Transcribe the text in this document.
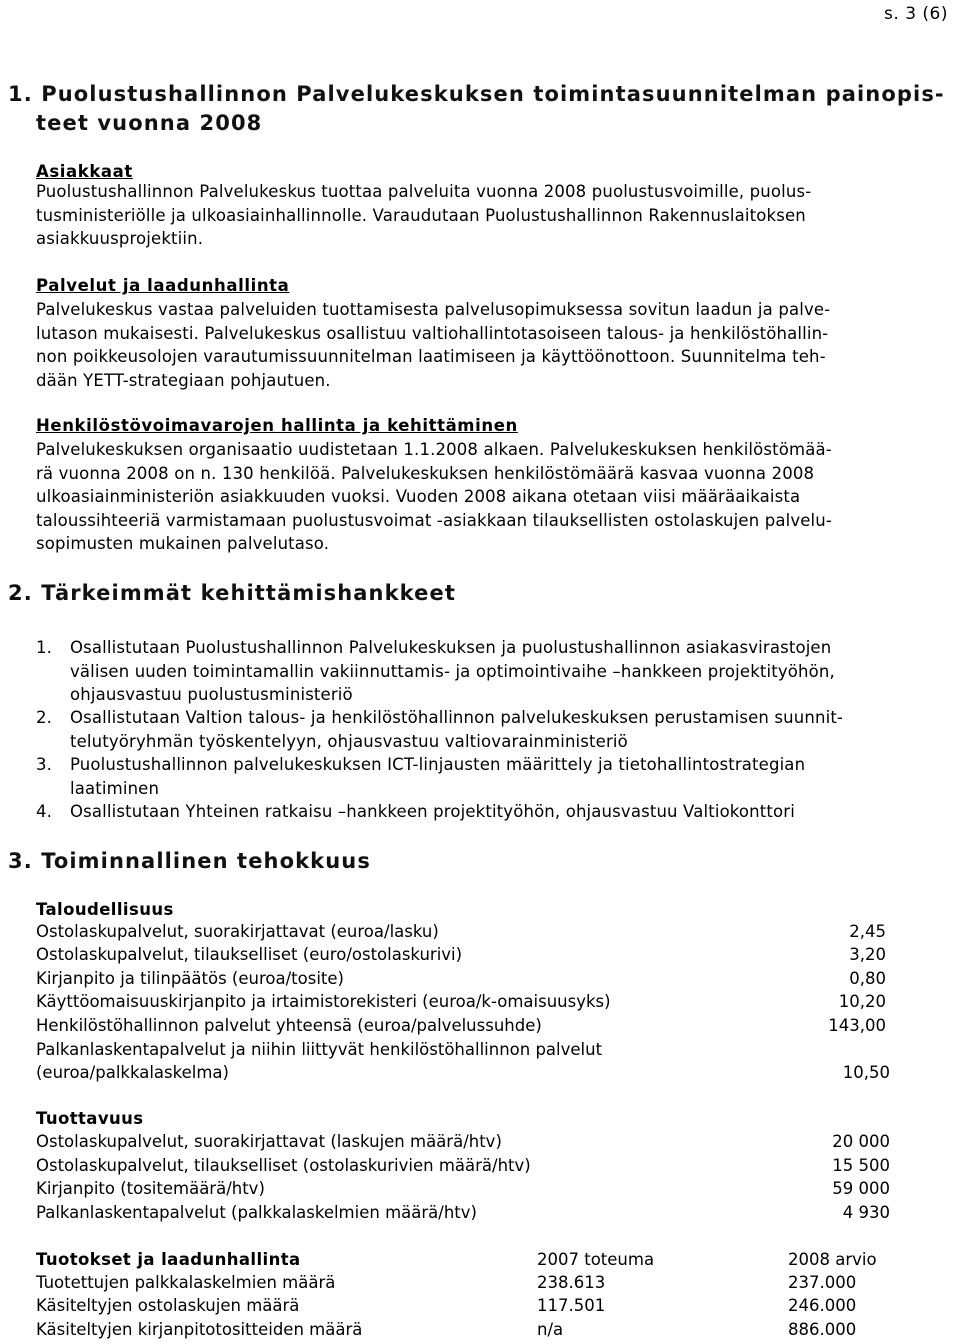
s. 3 (6)
1. Puolustushallinnon Palvelukeskuksen toimintasuunnitelman painopis-
teet vuonna 2008
Asiakkaat
Puolustushallinnon Palvelukeskus tuottaa palveluita vuonna 2008 puolustusvoimille, puolus-
tusministeriölle ja ulkoasiainhallinnolle. Varaudutaan Puolustushallinnon Rakennuslaitoksen
asiakkuusprojektiin.
Palvelut ja laadunhallinta
Palvelukeskus vastaa palveluiden tuottamisesta palvelusopimuksessa sovitun laadun ja palve-
lutason mukaisesti. Palvelukeskus osallistuu valtiohallintotasoiseen talous- ja henkilöstöhallin-
non poikkeusolojen varautumissuunnitelman laatimiseen ja käyttöönottoon. Suunnitelma teh-
dään YETT-strategiaan pohjautuen.
Henkilöstövoimavarojen hallinta ja kehittäminen
Palvelukeskuksen organisaatio uudistetaan 1.1.2008 alkaen. Palvelukeskuksen henkilöstömää-
rä vuonna 2008 on n. 130 henkilöä. Palvelukeskuksen henkilöstömäärä kasvaa vuonna 2008
ulkoasiainministeriön asiakkuuden vuoksi. Vuoden 2008 aikana otetaan viisi määräaikaista
taloussihteeriä varmistamaan puolustusvoimat -asiakkaan tilauksellisten ostolaskujen palvelu-
sopimusten mukainen palvelutaso.
2. Tärkeimmät kehittämishankkeet
1. Osallistutaan Puolustushallinnon Palvelukeskuksen ja puolustushallinnon asiakasvirastojen
välisen uuden toimintamallin vakiinnuttamis- ja optimointivaihe –hankkeen projektityöhön,
ohjausvastuu puolustusministeriö
2. Osallistutaan Valtion talous- ja henkilöstöhallinnon palvelukeskuksen perustamisen suunnit-
telutyöryhmän työskentelyyn, ohjausvastuu valtiovarainministeriö
3. Puolustushallinnon palvelukeskuksen ICT-linjausten määrittely ja tietohallintostrategian
laatiminen
4. Osallistutaan Yhteinen ratkaisu –hankkeen projektityöhön, ohjausvastuu Valtiokonttori
3. Toiminnallinen tehokkuus
Taloudellisuus
Ostolaskupalvelut, suorakirjattavat (euroa/lasku)	2,45
Ostolaskupalvelut, tilaukselliset (euro/ostolaskurivi)	3,20
Kirjanpito ja tilinpäätös (euroa/tosite)	0,80
Käyttöomaisuuskirjanpito ja irtaimistorekisteri (euroa/k-omaisuusyks)	10,20
Henkilöstöhallinnon palvelut yhteensä (euroa/palvelussuhde)	143,00
Palkanlaskentapalvelut ja niihin liittyvät henkilöstöhallinnon palvelut
(euroa/palkkalaskelma)	10,50
Tuottavuus
Ostolaskupalvelut, suorakirjattavat (laskujen määrä/htv)	20 000
Ostolaskupalvelut, tilaukselliset (ostolaskurivien määrä/htv)	15 500
Kirjanpito (tositemäärä/htv)	59 000
Palkanlaskentapalvelut (palkkalaskelmien määrä/htv)	4 930
Tuotokset ja laadunhallinta	2007 toteuma	2008 arvio
Tuotettujen palkkalaskelmien määrä	238.613	237.000
Käsiteltyjen ostolaskujen määrä	117.501	246.000
Käsiteltyjen kirjanpitotositteiden määrä	n/a	886.000
